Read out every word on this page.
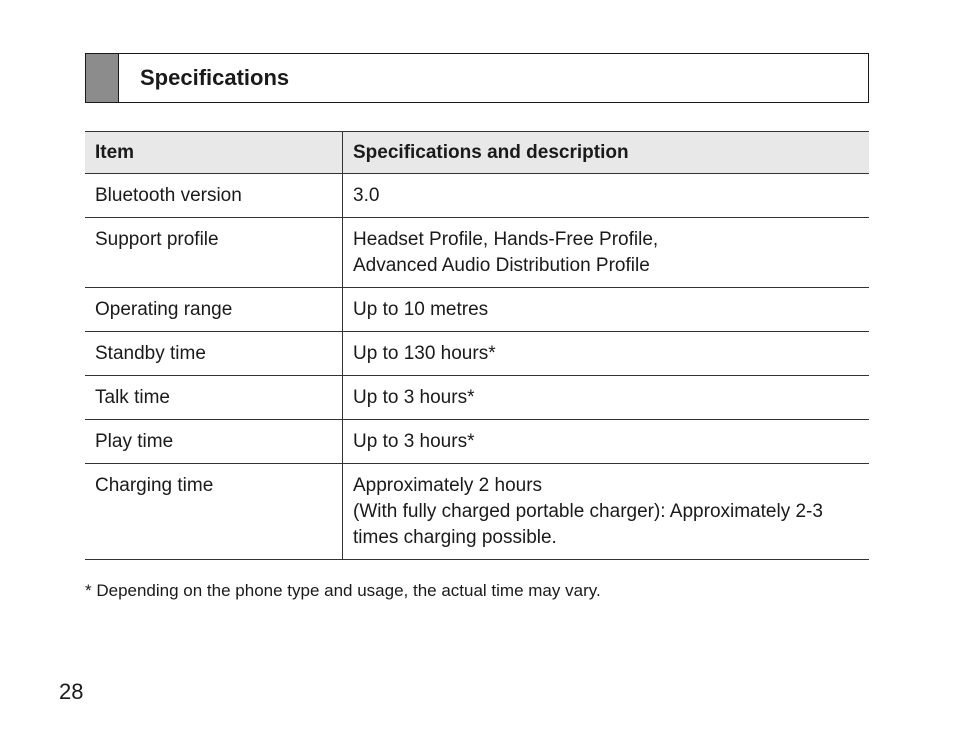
Specifications
Item	Specifications and description
Bluetooth version	3.0

Support profile	Headset Profile, Hands-Free Profile,
Advanced Audio Distribution Profile

Operating range	Up to 10 metres

Standby time	Up to 130 hours*

Talk time	Up to 3 hours*

Play time	Up to 3 hours*

Charging time	Approximately 2 hours
(With fully charged portable charger): Approximately 2-3
times charging possible.
* Depending on the phone type and usage, the actual time may vary.
28
